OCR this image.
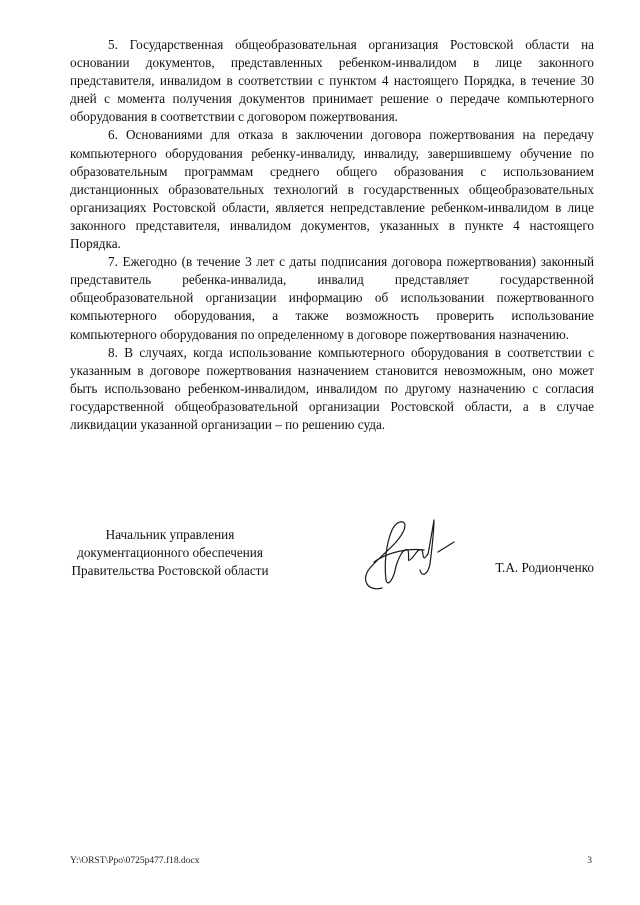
5. Государственная общеобразовательная организация Ростовской области на основании документов, представленных ребенком-инвалидом в лице законного представителя, инвалидом в соответствии с пунктом 4 настоящего Порядка, в течение 30 дней с момента получения документов принимает решение о передаче компьютерного оборудования в соответствии с договором пожертвования.

6. Основаниями для отказа в заключении договора пожертвования на передачу компьютерного оборудования ребенку-инвалиду, инвалиду, завершившему обучение по образовательным программам среднего общего образования с использованием дистанционных образовательных технологий в государственных общеобразовательных организациях Ростовской области, является непредставление ребенком-инвалидом в лице законного представителя, инвалидом документов, указанных в пункте 4 настоящего Порядка.

7. Ежегодно (в течение 3 лет с даты подписания договора пожертвования) законный представитель ребенка-инвалида, инвалид представляет государственной общеобразовательной организации информацию об использовании пожертвованного компьютерного оборудования, а также возможность проверить использование компьютерного оборудования по определенному в договоре пожертвования назначению.

8. В случаях, когда использование компьютерного оборудования в соответствии с указанным в договоре пожертвования назначением становится невозможным, оно может быть использовано ребенком-инвалидом, инвалидом по другому назначению с согласия государственной общеобразовательной организации Ростовской области, а в случае ликвидации указанной организации – по решению суда.

Начальник управления
документационного обеспечения
Правительства Ростовской области	Т.А. Родионченко
Y:\ORST\Ppo\0725p477.f18.docx	3
